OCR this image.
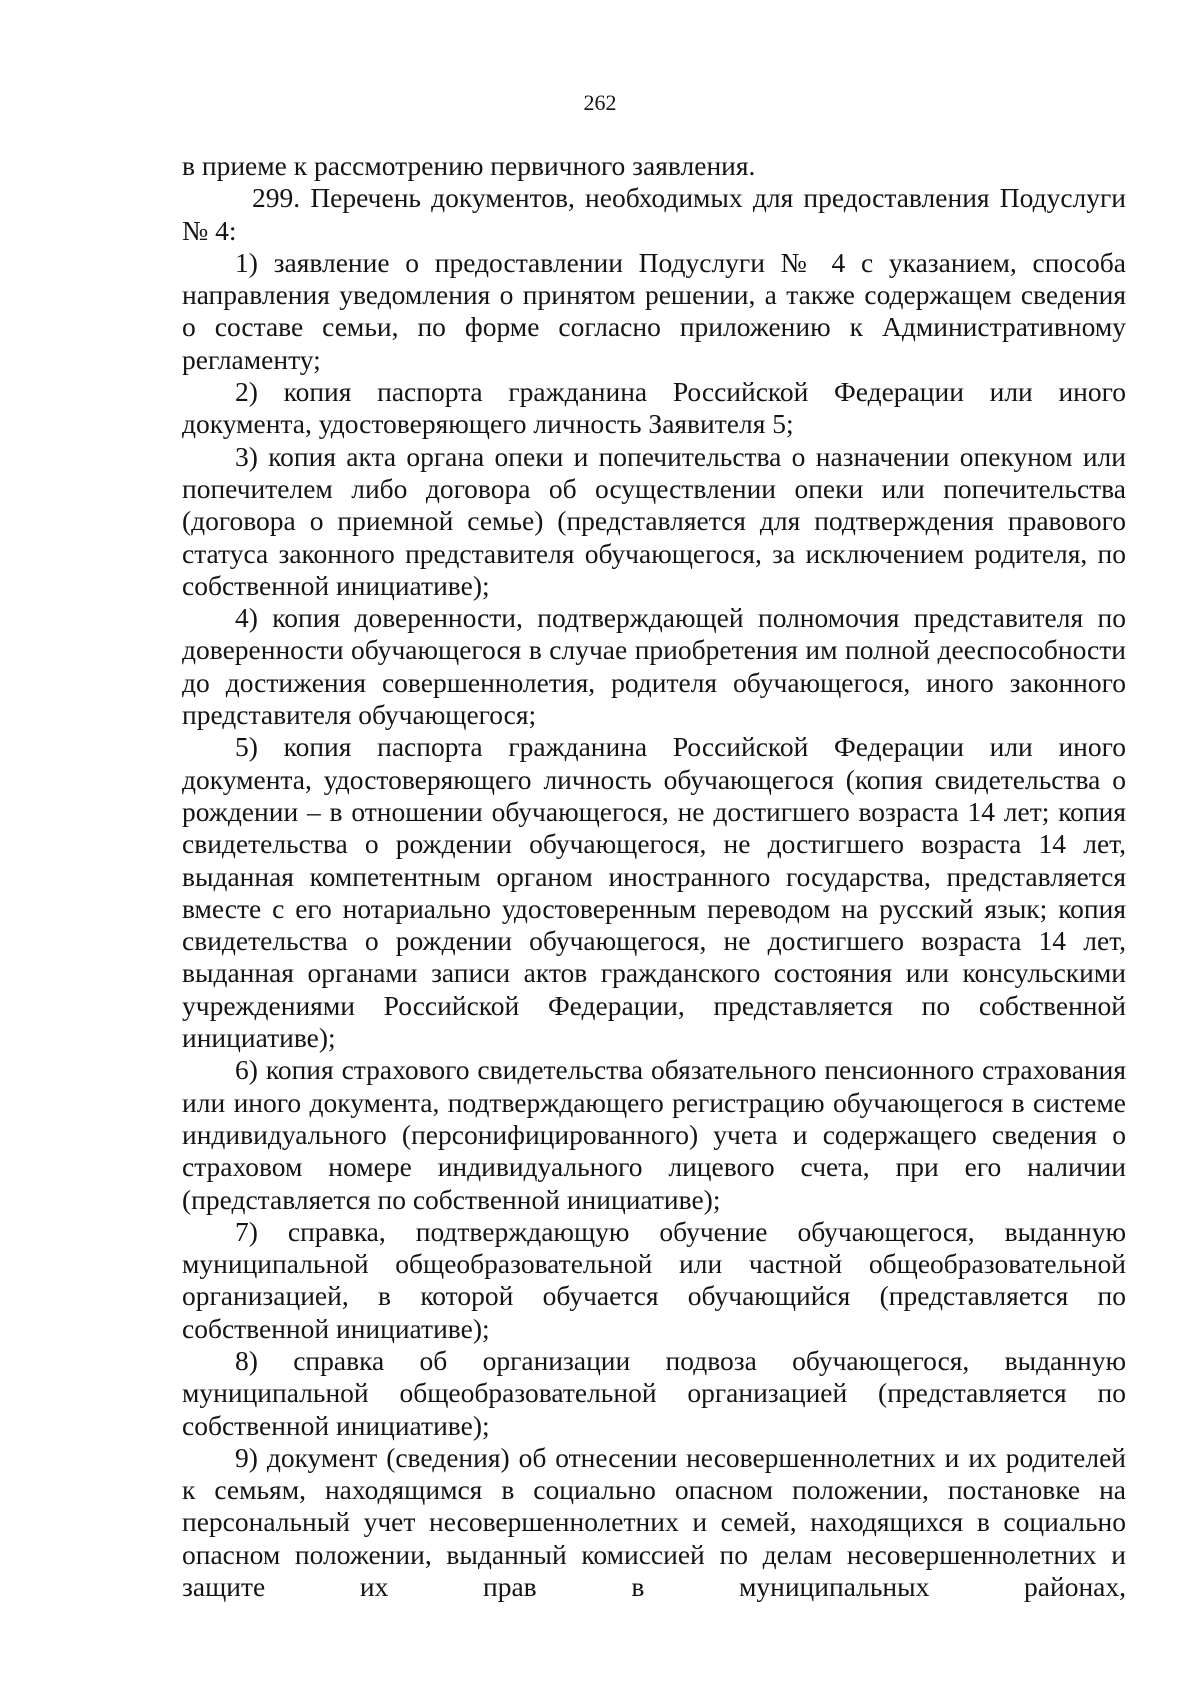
262

в приеме к рассмотрению первичного заявления.

299. Перечень документов, необходимых для предоставления Подуслуги № 4:

1) заявление о предоставлении Подуслуги № 4 с указанием, способа направления уведомления о принятом решении, а также содержащем сведения о составе семьи, по форме согласно приложению к Административному регламенту;

2) копия паспорта гражданина Российской Федерации или иного документа, удостоверяющего личность Заявителя 5;

3) копия акта органа опеки и попечительства о назначении опекуном или попечителем либо договора об осуществлении опеки или попечительства (договора о приемной семье) (представляется для подтверждения правового статуса законного представителя обучающегося, за исключением родителя, по собственной инициативе);

4) копия доверенности, подтверждающей полномочия представителя по доверенности обучающегося в случае приобретения им полной дееспособности до достижения совершеннолетия, родителя обучающегося, иного законного представителя обучающегося;

5) копия паспорта гражданина Российской Федерации или иного документа, удостоверяющего личность обучающегося (копия свидетельства о рождении – в отношении обучающегося, не достигшего возраста 14 лет; копия свидетельства о рождении обучающегося, не достигшего возраста 14 лет, выданная компетентным органом иностранного государства, представляется вместе с его нотариально удостоверенным переводом на русский язык; копия свидетельства о рождении обучающегося, не достигшего возраста 14 лет, выданная органами записи актов гражданского состояния или консульскими учреждениями Российской Федерации, представляется по собственной инициативе);

6) копия страхового свидетельства обязательного пенсионного страхования или иного документа, подтверждающего регистрацию обучающегося в системе индивидуального (персонифицированного) учета и содержащего сведения о страховом номере индивидуального лицевого счета, при его наличии (представляется по собственной инициативе);

7) справка, подтверждающую обучение обучающегося, выданную муниципальной общеобразовательной или частной общеобразовательной организацией, в которой обучается обучающийся (представляется по собственной инициативе);

8) справка об организации подвоза обучающегося, выданную муниципальной общеобразовательной организацией (представляется по собственной инициативе);

9) документ (сведения) об отнесении несовершеннолетних и их родителей к семьям, находящимся в социально опасном положении, постановке на персональный учет несовершеннолетних и семей, находящихся в социально опасном положении, выданный комиссией по делам несовершеннолетних и защите их прав в муниципальных районах,
